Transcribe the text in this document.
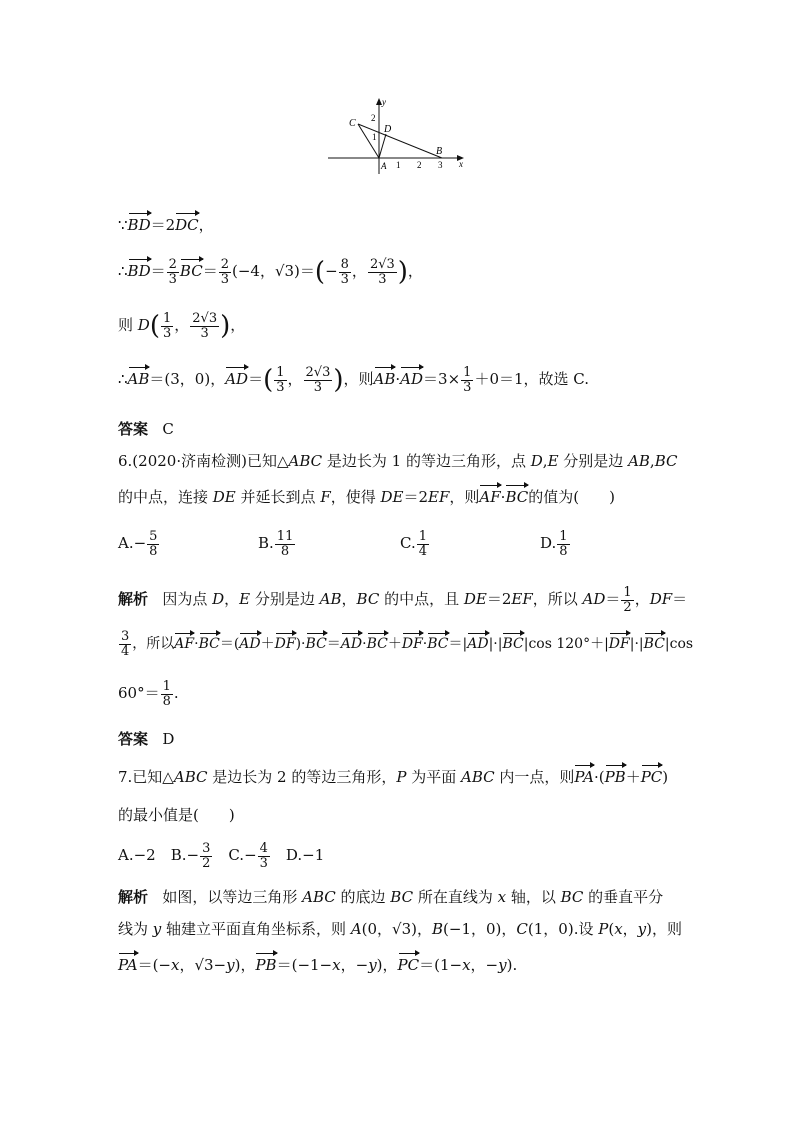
y
x
2
1
1 2 3
C
D
A
B
∵BD＝2DC，
∴BD＝ $\frac{2}{3} BC= \frac{2}{3} (-4$，$√3)=(- \frac{8}{3}$ ， $\frac{2√3}{3}$ )，
则 $D( \frac{1}{3}$ ， $\frac{2√3}{3}$ )，
∴AB＝(3，0)，$AD=( \frac{1}{3}$ ， $\frac{2√3}{3}$ )，则$AB\cdot AD=3\times \frac{1}{3} +0=1$，故选 C.
答案 C
6.(2020·济南检测)已知△ABC 是边长为 1 的等边三角形，点 D,E 分别是边 AB,BC
的中点，连接 DE 并延长到点 F，使得 DE＝2EF，则AF·BC的值为(　　)
$A.- \frac{5}{8}$	B. $\frac{11}{8}$	C. $\frac{1}{4}$	D. $\frac{1}{8}$
解析 因为点 D，E 分别是边 AB，BC 的中点，且 DE＝2EF，所以 $AD= \frac{1}{2}$ ，DF＝
$\frac{3}{4}$ ，所以AF·BC＝(AD＋DF)·BC＝AD·BC＋DF·BC＝|AD|·|BC|cos 120°＋|DF|·|BC|cos
$60^\circ= \frac{1}{8}$ .
答案 D
7.已知△ABC 是边长为 2 的等边三角形，P 为平面 ABC 内一点，则PA·(PB＋PC)
的最小值是(　　)
A.−2　$B.- \frac{3}{2}$ 　$C.- \frac{4}{3}$ 　D.−1
解析 如图，以等边三角形 ABC 的底边 BC 所在直线为 x 轴，以 BC 的垂直平分
线为 y 轴建立平面直角坐标系，则 A(0，√3)，B(−1，0)，C(1，0).设 P(x，y)，则
PA＝(−x，√3−y)，PB＝(−1−x，−y)，PC＝(1−x，−y).
